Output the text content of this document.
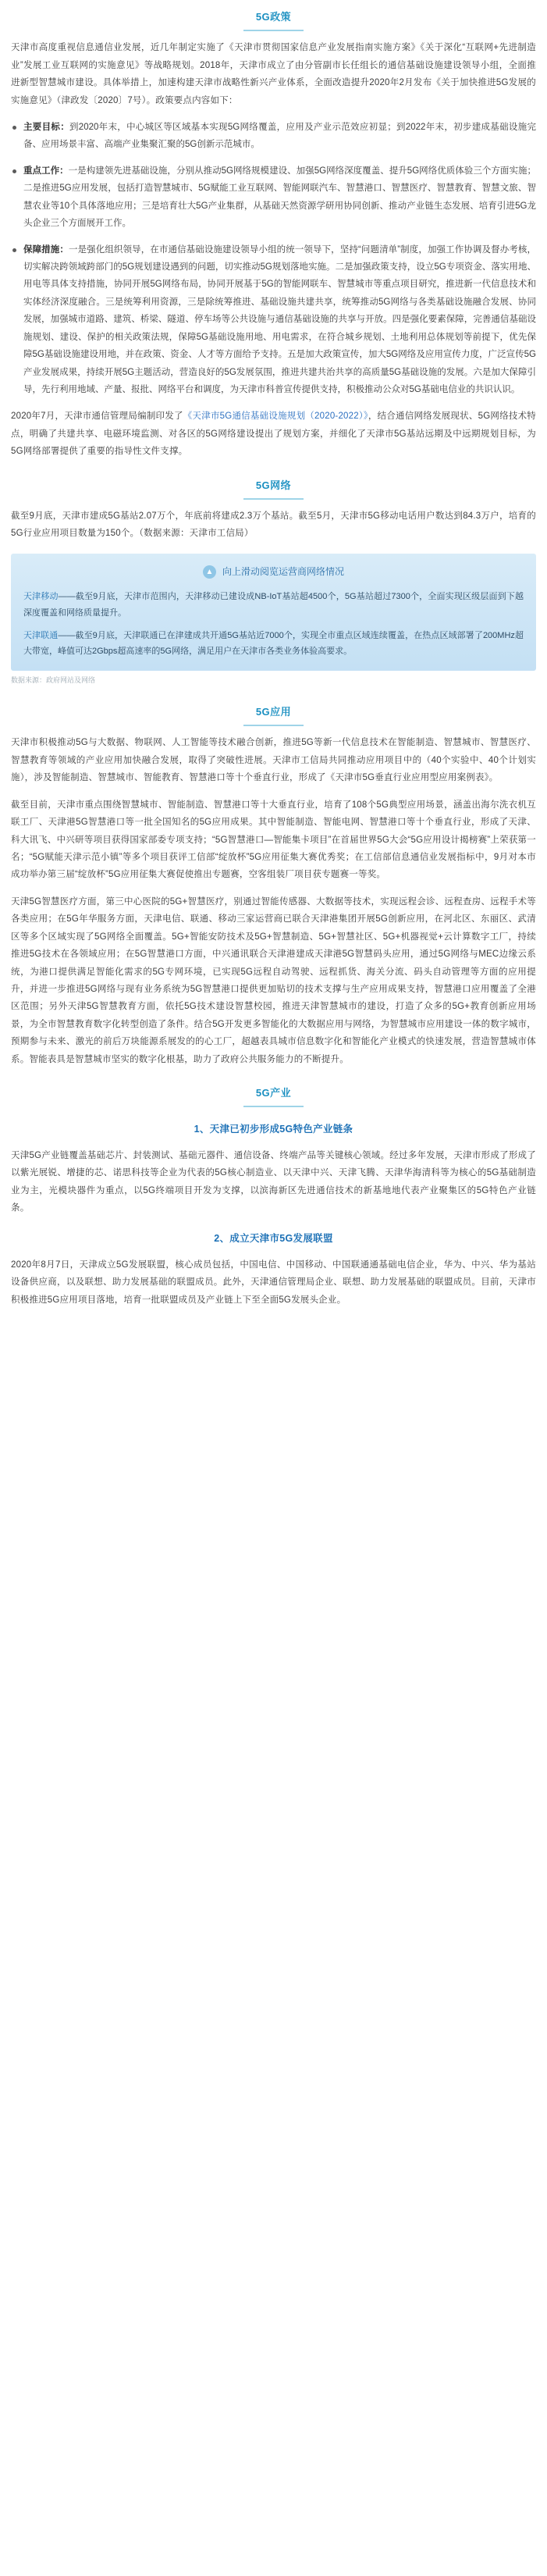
5G政策

天津市高度重视信息通信业发展，近几年制定实施了《天津市贯彻国家信息产业发展指南实施方案》《关于深化“互联网+先进制造业”发展工业互联网的实施意见》等战略规划。2018年，天津市成立了由分管副市长任组长的通信基础设施建设领导小组，全面推进新型智慧城市建设。具体举措上，加速构建天津市战略性新兴产业体系，全面改造提升2020年2月发布《关于加快推进5G发展的实施意见》（津政发〔2020〕7号）。政策要点内容如下：

主要目标：到2020年末，中心城区等区域基本实现5G网络覆盖，应用及产业示范效应初显；到2022年末，初步建成基础设施完备、应用场景丰富、高端产业集聚汇聚的5G创新示范城市。
重点工作：一是构建领先进基础设施，分别从推动5G网络规模建设、加强5G网络深度覆盖、提升5G网络优质体验三个方面实施；二是推进5G应用发展，包括打造智慧城市、5G赋能工业互联网、智能网联汽车、智慧港口、智慧医疗、智慧教育、智慧文旅、智慧农业等10个具体落地应用；三是培育壮大5G产业集群，从基础天然资源学研用协同创新、推动产业链生态发展、培育引进5G龙头企业三个方面展开工作。
保障措施：一是强化组织领导，在市通信基础设施建设领导小组的统一领导下，坚持“问题清单”制度，加强工作协调及督办考核，切实解决跨领域跨部门的5G规划建设遇到的问题，切实推动5G规划落地实施。二是加强政策支持，设立5G专项资金、落实用地、用电等具体支持措施，协同开展5G网络布局，协同开展基于5G的智能网联车、智慧城市等重点项目研究，推进新一代信息技术和实体经济深度融合。三是统筹利用资源，三是除统筹推进、基础设施共建共享，统筹推动5G网络与各类基础设施融合发展、协同发展，加强城市道路、建筑、桥梁、隧道、停车场等公共设施与通信基础设施的共享与开放。四是强化要素保障，完善通信基础设施规划、建设、保护的相关政策法规，保障5G基础设施用地、用电需求，在符合城乡规划、土地利用总体规划等前提下，优先保障5G基础设施建设用地，并在政策、资金、人才等方面给予支持。五是加大政策宣传，加大5G网络及应用宣传力度，广泛宣传5G产业发展成果，持续开展5G主题活动，营造良好的5G发展氛围，推进共建共治共享的高质量5G基础设施的发展。六是加大保障引导，先行利用地域、产量、报批、网络平台和调度，为天津市科普宣传提供支持，积极推动公众对5G基础电信业的共识认识。

2020年7月，天津市通信管理局编制印发了《天津市5G通信基础设施规划（2020-2022）》，结合通信网络发展现状、5G网络技术特点，明确了共建共享、电磁环境监测、对各区的5G网络建设提出了规划方案，并细化了天津市5G基站远期及中远期规划目标，为5G网络部署提供了重要的指导性文件支撑。

5G网络

截至9月底，天津市建成5G基站2.07万个，年底前将建成2.3万个基站。截至5月，天津市5G移动电话用户数达到84.3万户，培育的5G行业应用项目数量为150个。（数据来源：天津市工信局）

▲ 向上滑动阅览运营商网络情况
天津移动——截至9月底，天津市范围内，天津移动已建设成NB-IoT基站超4500个，5G基站超过7300个，全面实现区级层面到下越深度覆盖和网络质量提升。
天津联通——截至9月底，天津联通已在津建成共开通5G基站近7000个，实现全市重点区域连续覆盖，在热点区域部署了200MHz超大带宽，峰值可达2Gbps超高速率的5G网络，满足用户在天津市各类业务体验高要求。
数据来源：政府网站及网络
5G应用

天津市积极推动5G与大数据、物联网、人工智能等技术融合创新，推进5G等新一代信息技术在智能制造、智慧城市、智慧医疗、智慧教育等领域的产业应用加快融合发展，取得了突破性进展。天津市工信局共同推动应用项目中的（40个实验中、40个计划实施），涉及智能制造、智慧城市、智能教育、智慧港口等十个垂直行业，形成了《天津市5G垂直行业应用型应用案例表》。

截至目前，天津市重点围绕智慧城市、智能制造、智慧港口等十大垂直行业，培育了108个5G典型应用场景，涵盖出海尔洗衣机互联工厂、天津港5G智慧港口等一批全国知名的5G应用成果。其中智能制造、智能电网、智慧港口等十个垂直行业，形成了天津、科大讯飞、中兴研等项目获得国家部委专项支持；“5G智慧港口—智能集卡项目”在首届世界5G大会“5G应用设计揭榜赛”上荣获第一名；“5G赋能天津示范小镇”等多个项目获评工信部“绽放杯”5G应用征集大赛优秀奖；在工信部信息通信业发展指标中，9月对本市成功举办第三届“绽放杯”5G应用征集大赛促使推出专题赛，空客组装厂项目获专题赛一等奖。

天津5G智慧医疗方面，第三中心医院的5G+智慧医疗，别通过智能传感器、大数据等技术，实现远程会诊、远程查房、远程手术等各类应用；在5G年华服务方面，天津电信、联通、移动三家运营商已联合天津港集团开展5G创新应用，在河北区、东丽区、武清区等多个区域实现了5G网络全面覆盖。5G+智能安防技术及5G+智慧制造、5G+智慧社区、5G+机器视觉+云计算数字工厂，持续推进5G技术在各领域应用；在5G智慧港口方面，中兴通讯联合天津港建成天津港5G智慧码头应用，通过5G网络与MEC边缘云系统，为港口提供满足智能化需求的5G专网环境，已实现5G远程自动驾驶、远程抓货、海关分流、码头自动管理等方面的应用提升，并进一步推进5G网络与现有业务系统为5G智慧港口提供更加贴切的技术支撑与生产应用成果支持，智慧港口应用覆盖了全港区范围；另外天津5G智慧教育方面，依托5G技术建设智慧校园，推进天津智慧城市的建设，打造了众多的5G+教育创新应用场景，为全市智慧教育数字化转型创造了条件。结合5G开发更多智能化的大数据应用与网络，为智慧城市应用建设一体的数字城市，预期参与未来、激光的前后万块能源系展发的的心工厂，超越表具城市信息数字化和智能化产业模式的快速发展，营造智慧城市体系。智能表具是智慧城市坚实的数字化根基，助力了政府公共服务能力的不断提升。

5G产业
1、天津已初步形成5G特色产业链条

天津5G产业链覆盖基础芯片、封装测试、基础元器件、通信设备、终端产品等关键核心领域。经过多年发展，天津市形成了形成了以紫光展锐、增捷的芯、诺思科技等企业为代表的5G核心制造业、以天津中兴、天津飞腾、天津华海清科等为核心的5G基础制造业为主，光模块器件为重点，以5G终端项目开发为支撑，以滨海新区先进通信技术的新基地地代表产业聚集区的5G特色产业链条。

2、成立天津市5G发展联盟

2020年8月7日，天津成立5G发展联盟，核心成员包括，中国电信、中国移动、中国联通通基础电信企业，华为、中兴、华为基站设备供应商，以及联想、助力发展基础的联盟成员。此外，天津通信管理局企业、联想、助力发展基础的联盟成员。目前，天津市积极推进5G应用项目落地，培育一批联盟成员及产业链上下至全面5G发展头企业。
